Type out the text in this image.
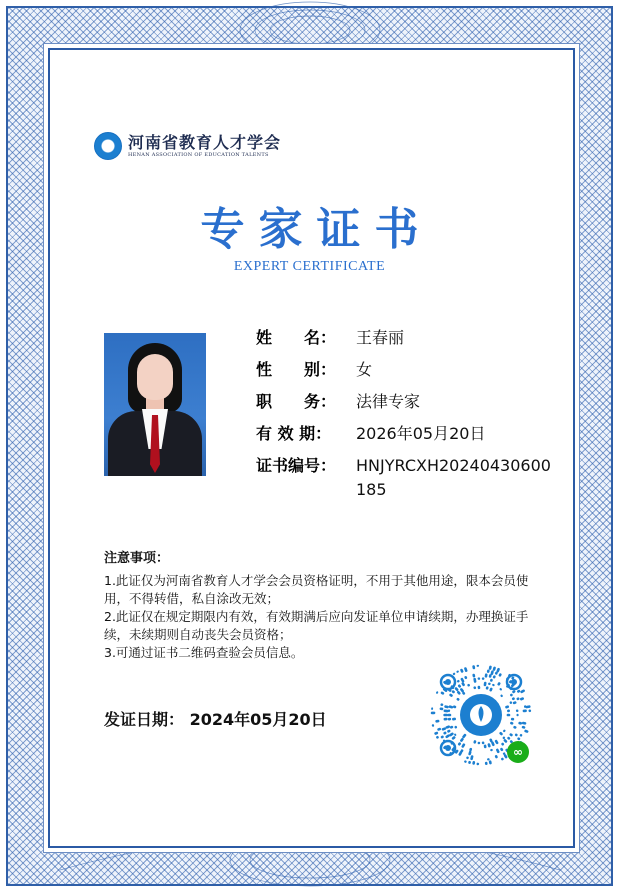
河南省教育人才学会
HENAN ASSOCIATION OF EDUCATION TALENTS
专家证书
EXPERT CERTIFICATE
姓　　名：	王春丽
性　　别：	女
职　　务：	法律专家
有 效 期：	2026年05月20日
证书编号：	HNJYRCXH20240430600185
注意事项：
1.此证仅为河南省教育人才学会会员资格证明，不用于其他用途，限本会员使用，不得转借，私自涂改无效；
2.此证仅在规定期限内有效，有效期满后应向发证单位申请续期，办理换证手续，未续期则自动丧失会员资格；
3.可通过证书二维码查验会员信息。
发证日期： 2024年05月20日
∞
